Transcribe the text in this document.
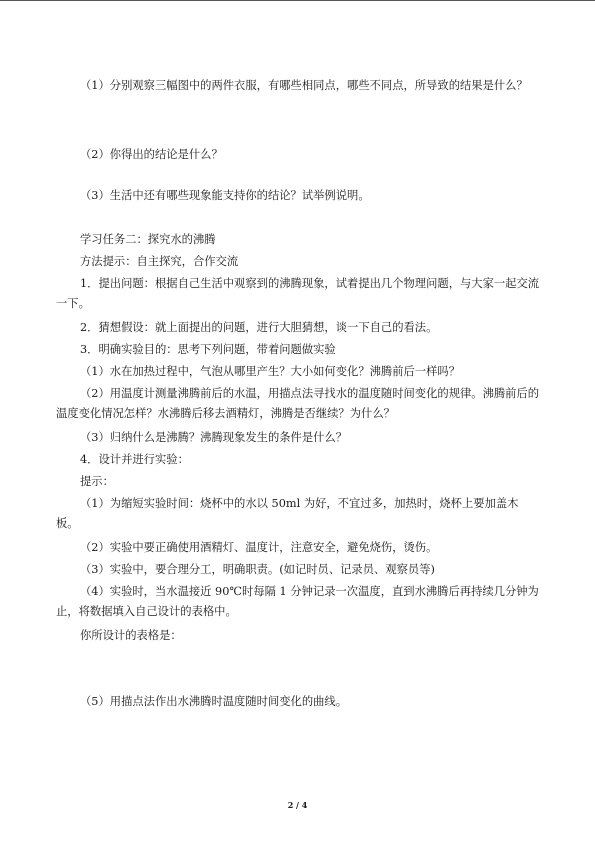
（1）分别观察三幅图中的两件衣服，有哪些相同点，哪些不同点，所导致的结果是什么？
（2）你得出的结论是什么？
（3）生活中还有哪些现象能支持你的结论？试举例说明。
学习任务二：探究水的沸腾
方法提示：自主探究，合作交流
1．提出问题：根据自己生活中观察到的沸腾现象，试着提出几个物理问题，与大家一起交流一下。
2．猜想假设：就上面提出的问题，进行大胆猜想，谈一下自己的看法。
3．明确实验目的：思考下列问题，带着问题做实验
（1）水在加热过程中，气泡从哪里产生？大小如何变化？沸腾前后一样吗？
（2）用温度计测量沸腾前后的水温，用描点法寻找水的温度随时间变化的规律。沸腾前后的温度变化情况怎样？水沸腾后移去酒精灯，沸腾是否继续？为什么？
（3）归纳什么是沸腾？沸腾现象发生的条件是什么？
4．设计并进行实验：
提示：
（1）为缩短实验时间：烧杯中的水以 50ml 为好，不宜过多，加热时，烧杯上要加盖木板。
（2）实验中要正确使用酒精灯、温度计，注意安全，避免烧伤，烫伤。
（3）实验中，要合理分工，明确职责。(如记时员、记录员、观察员等)
（4）实验时，当水温接近 90℃时每隔 1 分钟记录一次温度，直到水沸腾后再持续几分钟为止，将数据填入自己设计的表格中。
你所设计的表格是：
（5）用描点法作出水沸腾时温度随时间变化的曲线。
2 / 4
